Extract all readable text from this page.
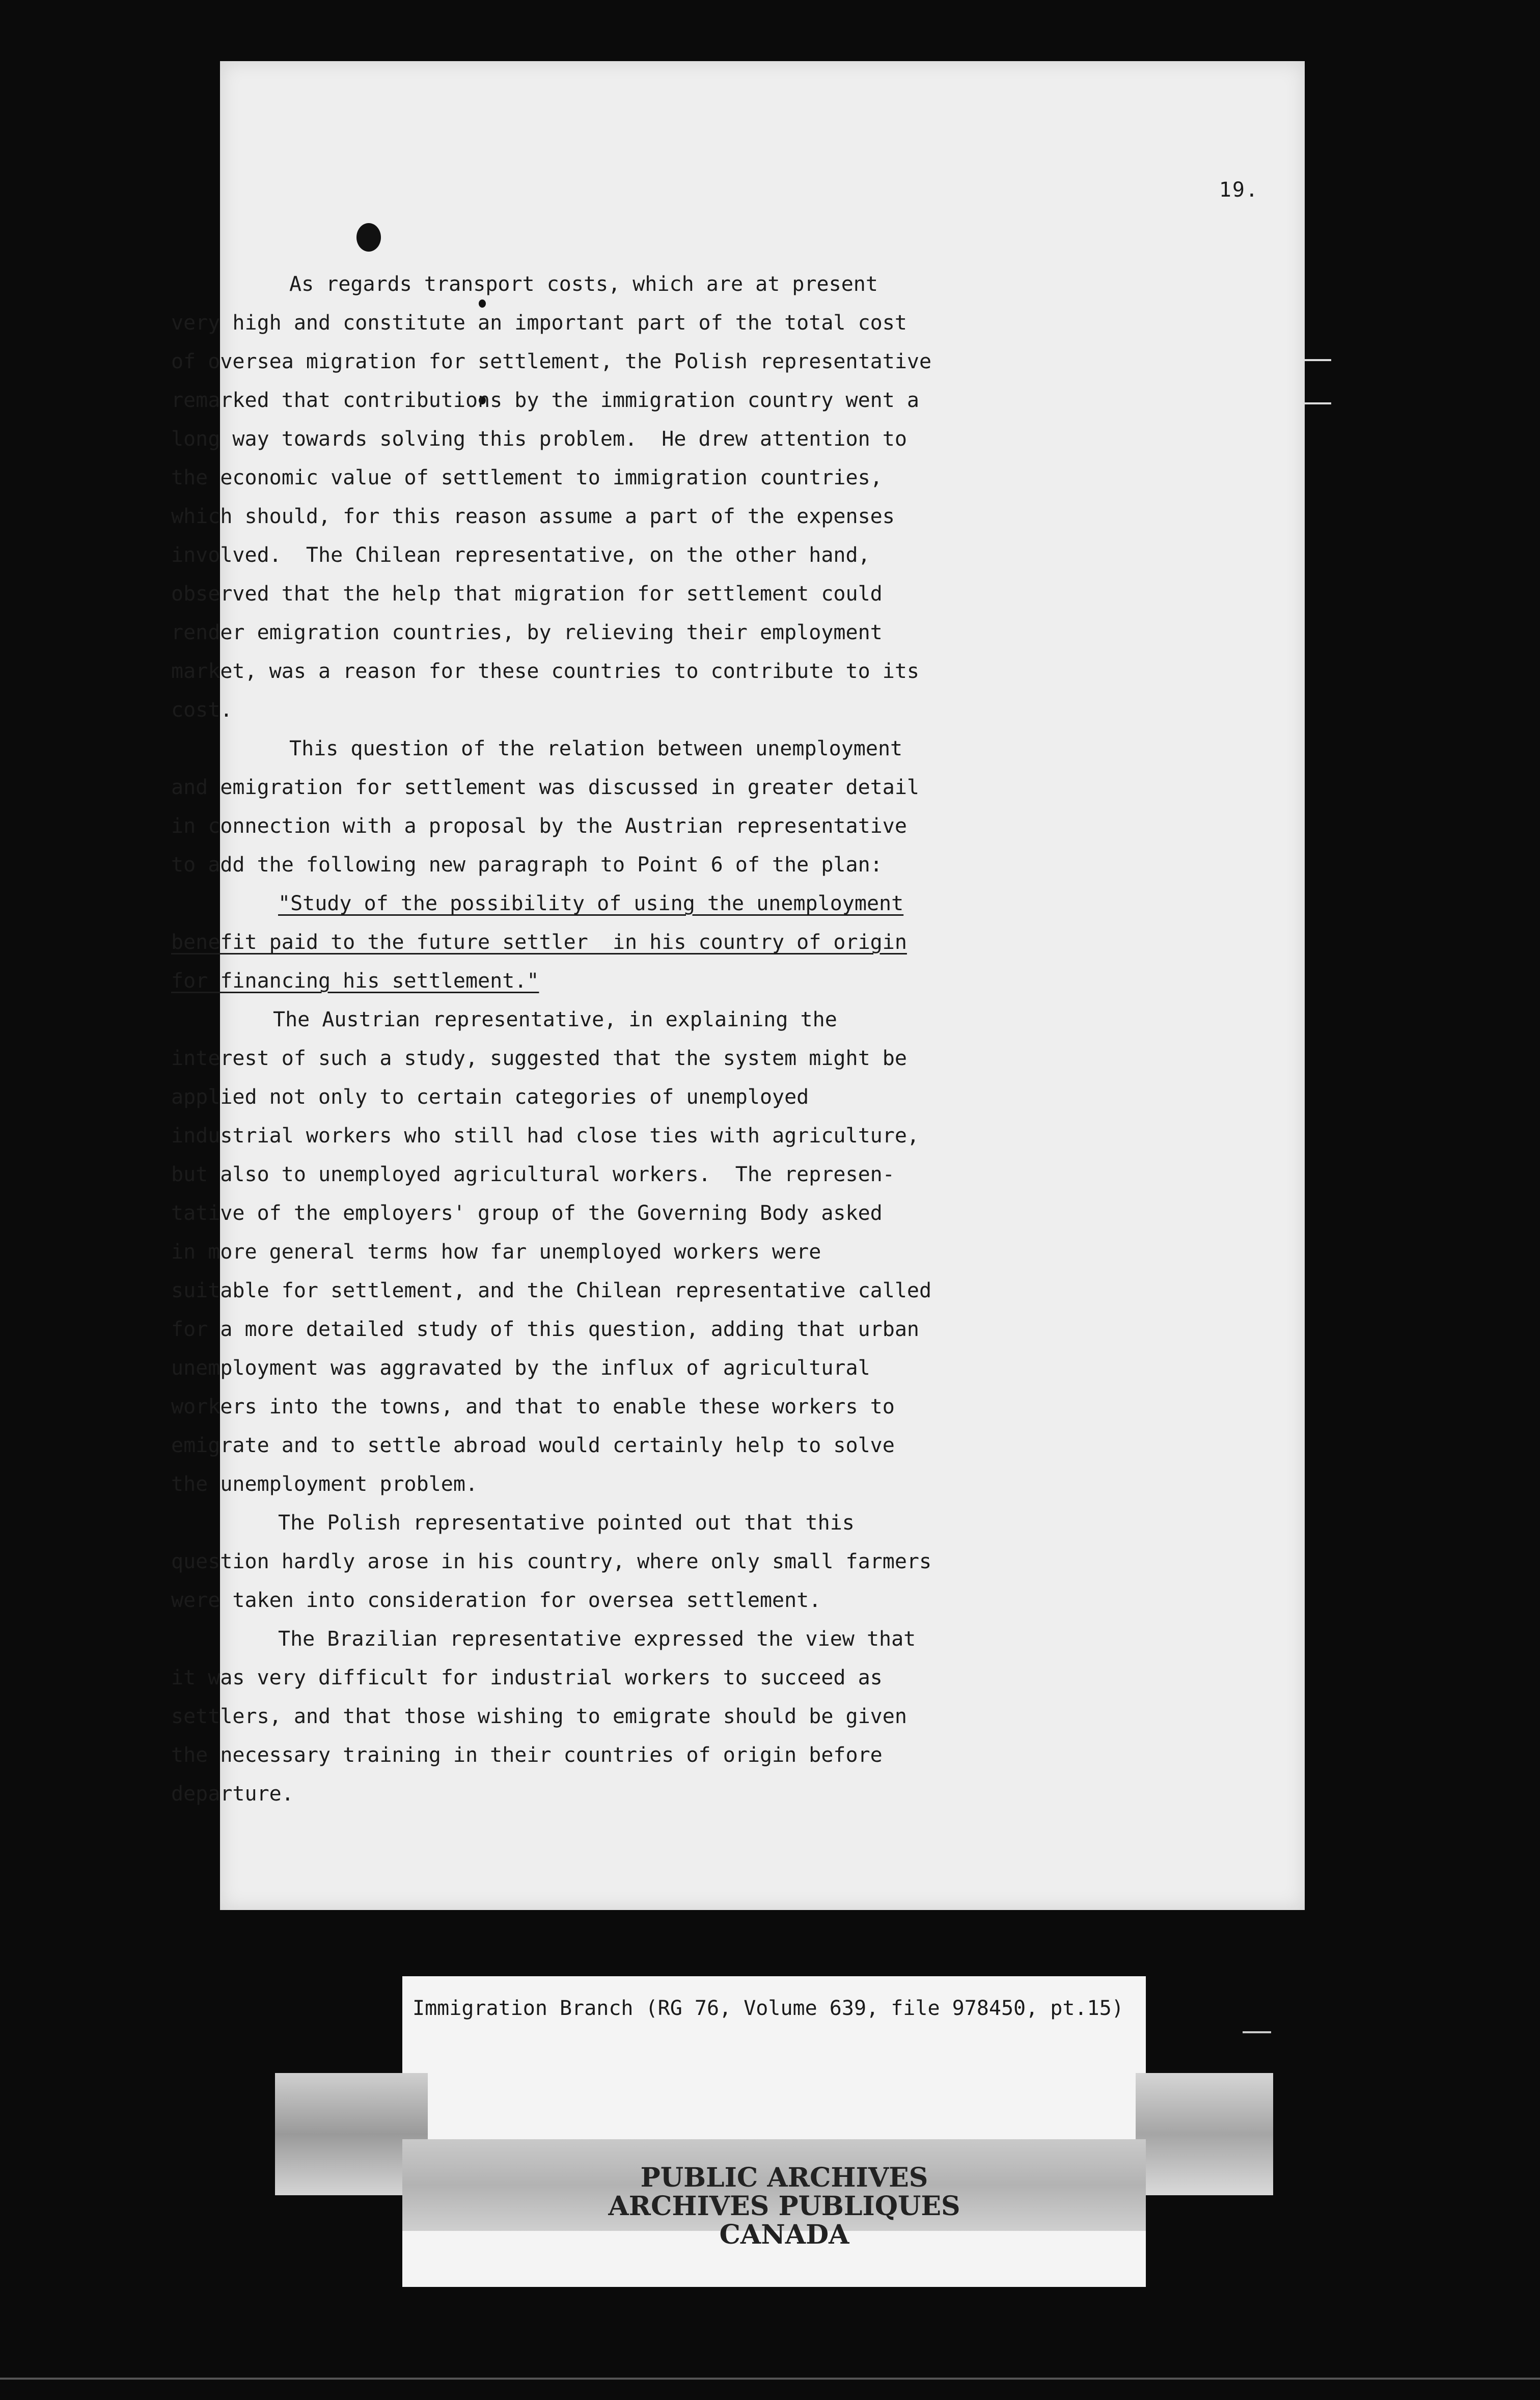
19.
As regards transport costs, which are at present
very high and constitute an important part of the total cost
of oversea migration for settlement, the Polish representative
remarked that contributions by the immigration country went a
long way towards solving this problem.  He drew attention to
the economic value of settlement to immigration countries,
which should, for this reason assume a part of the expenses
involved.  The Chilean representative, on the other hand,
observed that the help that migration for settlement could
render emigration countries, by relieving their employment
market, was a reason for these countries to contribute to its
cost.
This question of the relation between unemployment
and emigration for settlement was discussed in greater detail
in connection with a proposal by the Austrian representative
to add the following new paragraph to Point 6 of the plan:
"Study of the possibility of using the unemployment
benefit paid to the future settler  in his country of origin
for financing his settlement."
The Austrian representative, in explaining the
interest of such a study, suggested that the system might be
applied not only to certain categories of unemployed
industrial workers who still had close ties with agriculture,
but also to unemployed agricultural workers.  The represen-
tative of the employers' group of the Governing Body asked
in more general terms how far unemployed workers were
suitable for settlement, and the Chilean representative called
for a more detailed study of this question, adding that urban
unemployment was aggravated by the influx of agricultural
workers into the towns, and that to enable these workers to
emigrate and to settle abroad would certainly help to solve
the unemployment problem.
The Polish representative pointed out that this
question hardly arose in his country, where only small farmers
were taken into consideration for oversea settlement.
The Brazilian representative expressed the view that
it was very difficult for industrial workers to succeed as
settlers, and that those wishing to emigrate should be given
the necessary training in their countries of origin before
departure.
Immigration Branch (RG 76, Volume 639, file 978450, pt.15)
PUBLIC ARCHIVES
ARCHIVES PUBLIQUES
CANADA
